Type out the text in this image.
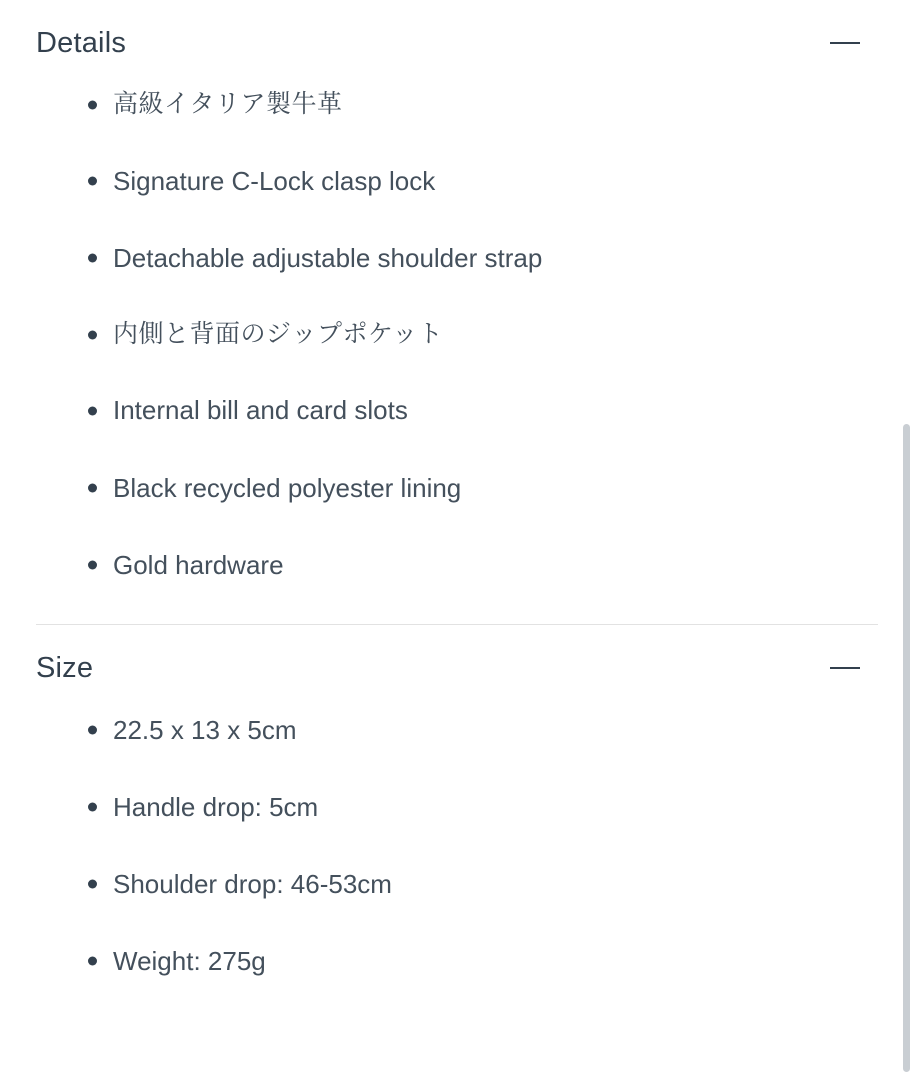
Details
高級イタリア製牛革
Signature C-Lock clasp lock
Detachable adjustable shoulder strap
内側と背面のジップポケット
Internal bill and card slots
Black recycled polyester lining
Gold hardware
Size
22.5 x 13 x 5cm
Handle drop: 5cm
Shoulder drop: 46-53cm
Weight: 275g
